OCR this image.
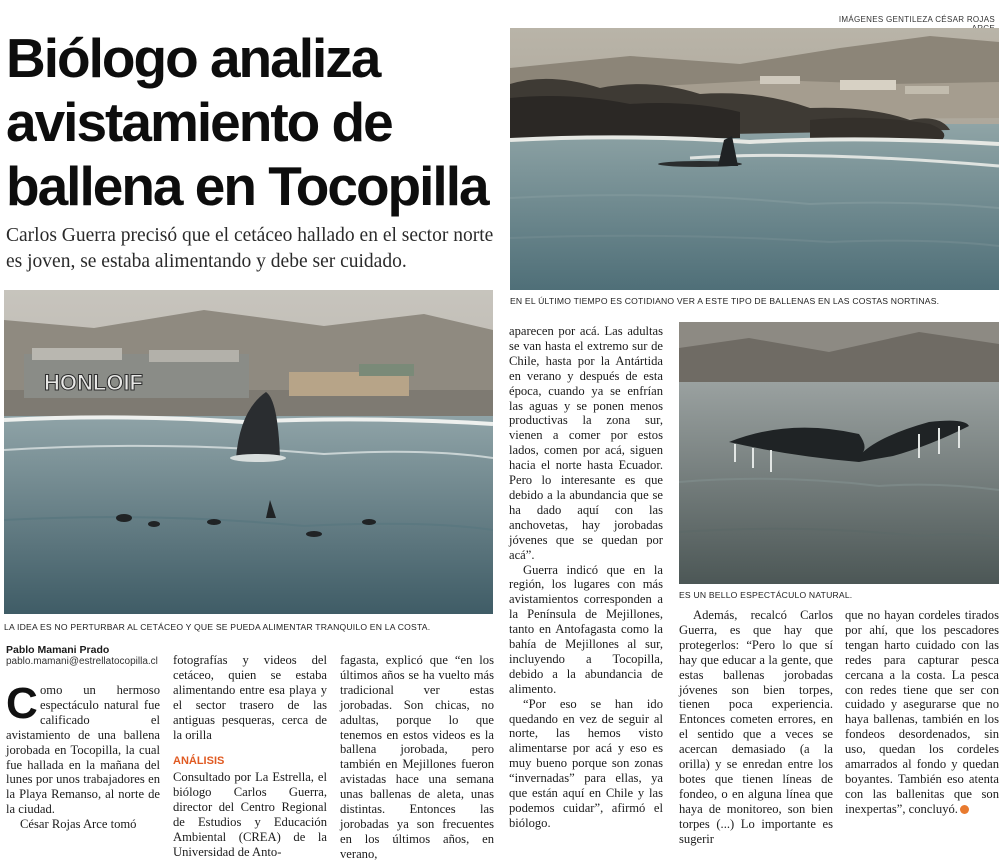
Biólogo analiza avistamiento de ballena en Tocopilla

Carlos Guerra precisó que el cetáceo hallado en el sector norte es joven, se estaba alimentando y debe ser cuidado.

IMÁGENES GENTILEZA CÉSAR ROJAS
EN EL ÚLTIMO TIEMPO ES COTIDIANO VER A ESTE TIPO DE BALLENAS EN LAS COSTAS NORTINAS.
HONLOIF
LA IDEA ES NO PERTURBAR AL CETÁCEO Y QUE SE PUEDA ALIMENTAR TRANQUILO EN LA COSTA.
ES UN BELLO ESPECTÁCULO NATURAL.
Pablo Mamani Prado
pablo.mamani@estrellatocopilla.cl

Como un hermoso espectáculo natural fue calificado el avistamiento de una ballena jorobada en Tocopilla, la cual fue hallada en la mañana del lunes por unos trabajadores en la Playa Remanso, al norte de la ciudad.

César Rojas Arce tomó

fotografías y videos del cetáceo, quien se estaba alimentando entre esa playa y el sector trasero de las antiguas pesqueras, cerca de la orilla

ANÁLISIS

Consultado por La Estrella, el biólogo Carlos Guerra, director del Centro Regional de Estudios y Educación Ambiental (CREA) de la Universidad de Anto-

fagasta, explicó que “en los últimos años se ha vuelto más tradicional ver estas jorobadas. Son chicas, no adultas, porque lo que tenemos en estos videos es la ballena jorobada, pero también en Mejillones fueron avistadas hace una semana unas ballenas de aleta, unas distintas. Entonces las jorobadas ya son frecuentes en los últimos años, en verano,

aparecen por acá. Las adultas se van hasta el extremo sur de Chile, hasta por la Antártida en verano y después de esta época, cuando ya se enfrían las aguas y se ponen menos productivas la zona sur, vienen a comer por estos lados, comen por acá, siguen hacia el norte hasta Ecuador. Pero lo interesante es que debido a la abundancia que se ha dado aquí con las anchovetas, hay jorobadas jóvenes que se quedan por acá”.

Guerra indicó que en la región, los lugares con más avistamientos corresponden a la Península de Mejillones, tanto en Antofagasta como la bahía de Mejillones al sur, incluyendo a Tocopilla, debido a la abundancia de alimento.

“Por eso se han ido quedando en vez de seguir al norte, las hemos visto alimentarse por acá y eso es muy bueno porque son zonas “invernadas” para ellas, ya que están aquí en Chile y las podemos cuidar”, afirmó el biólogo.

Además, recalcó Carlos Guerra, es que hay que protegerlos: “Pero lo que sí hay que educar a la gente, que estas ballenas jorobadas jóvenes son bien torpes, tienen poca experiencia. Entonces cometen errores, en el sentido que a veces se acercan demasiado (a la orilla) y se enredan entre los botes que tienen líneas de fondeo, o en alguna línea que haya de monitoreo, son bien torpes (...) Lo importante es sugerir

que no hayan cordeles tirados por ahí, que los pescadores tengan harto cuidado con las redes para capturar pesca cercana a la costa. La pesca con redes tiene que ser con cuidado y asegurarse que no haya ballenas, también en los fondeos desordenados, sin uso, quedan los cordeles amarrados al fondo y quedan boyantes. También eso atenta con las ballenitas que son inexpertas”, concluyó.
